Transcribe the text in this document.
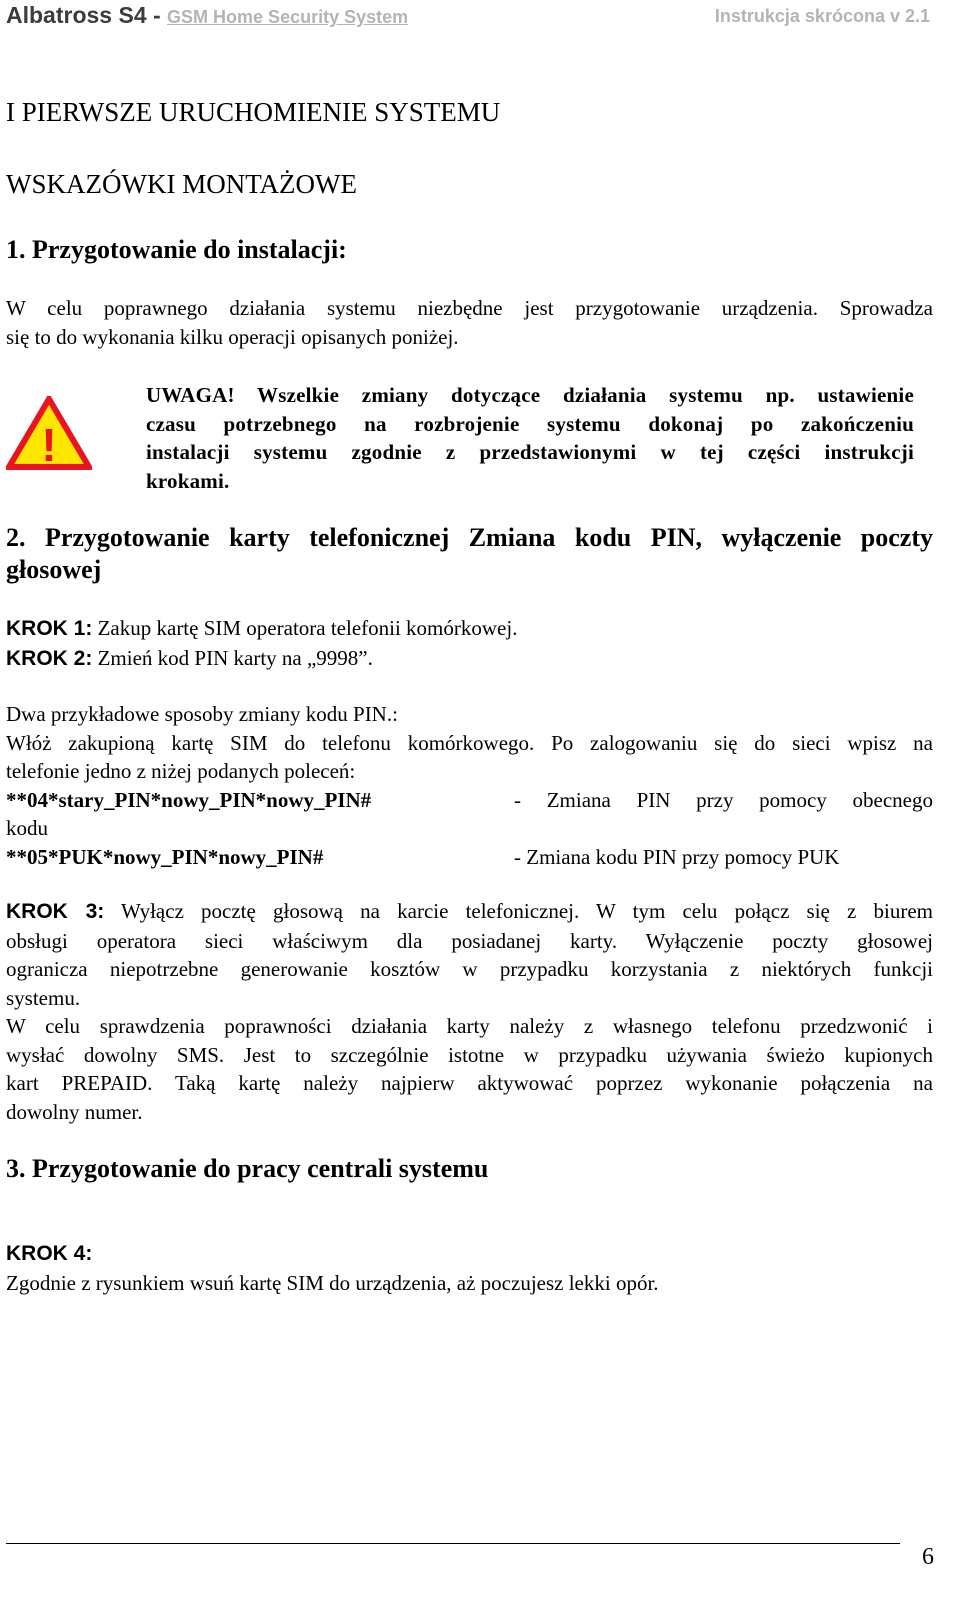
Albatross S4 - GSM Home Security System	Instrukcja skrócona v 2.1
I PIERWSZE URUCHOMIENIE SYSTEMU
WSKAZÓWKI MONTAŻOWE
1. Przygotowanie do instalacji:
W celu poprawnego działania systemu niezbędne jest przygotowanie urządzenia. Sprowadza
się to do wykonania kilku operacji opisanych poniżej.
!
UWAGA! Wszelkie zmiany dotyczące działania systemu np. ustawienie
czasu potrzebnego na rozbrojenie systemu dokonaj po zakończeniu
instalacji systemu zgodnie z przedstawionymi w tej części instrukcji
krokami.
2. Przygotowanie karty telefonicznej Zmiana kodu PIN, wyłączenie poczty
głosowej
KROK 1: Zakup kartę SIM operatora telefonii komórkowej.
KROK 2: Zmień kod PIN karty na „9998”.
Dwa przykładowe sposoby zmiany kodu PIN.:
Włóż zakupioną kartę SIM do telefonu komórkowego. Po zalogowaniu się do sieci wpisz na
telefonie jedno z niżej podanych poleceń:
**04*stary_PIN*nowy_PIN*nowy_PIN#	- Zmiana PIN przy pomocy obecnego
kodu
**05*PUK*nowy_PIN*nowy_PIN#	- Zmiana kodu PIN przy pomocy PUK
KROK 3: Wyłącz pocztę głosową na karcie telefonicznej. W tym celu połącz się z biurem
obsługi operatora sieci właściwym dla posiadanej karty. Wyłączenie poczty głosowej
ogranicza niepotrzebne generowanie kosztów w przypadku korzystania z niektórych funkcji
systemu.
W celu sprawdzenia poprawności działania karty należy z własnego telefonu przedzwonić i
wysłać dowolny SMS. Jest to szczególnie istotne w przypadku używania świeżo kupionych
kart PREPAID. Taką kartę należy najpierw aktywować poprzez wykonanie połączenia na
dowolny numer.
3. Przygotowanie do pracy centrali systemu
KROK 4:
Zgodnie z rysunkiem wsuń kartę SIM do urządzenia, aż poczujesz lekki opór.
6
